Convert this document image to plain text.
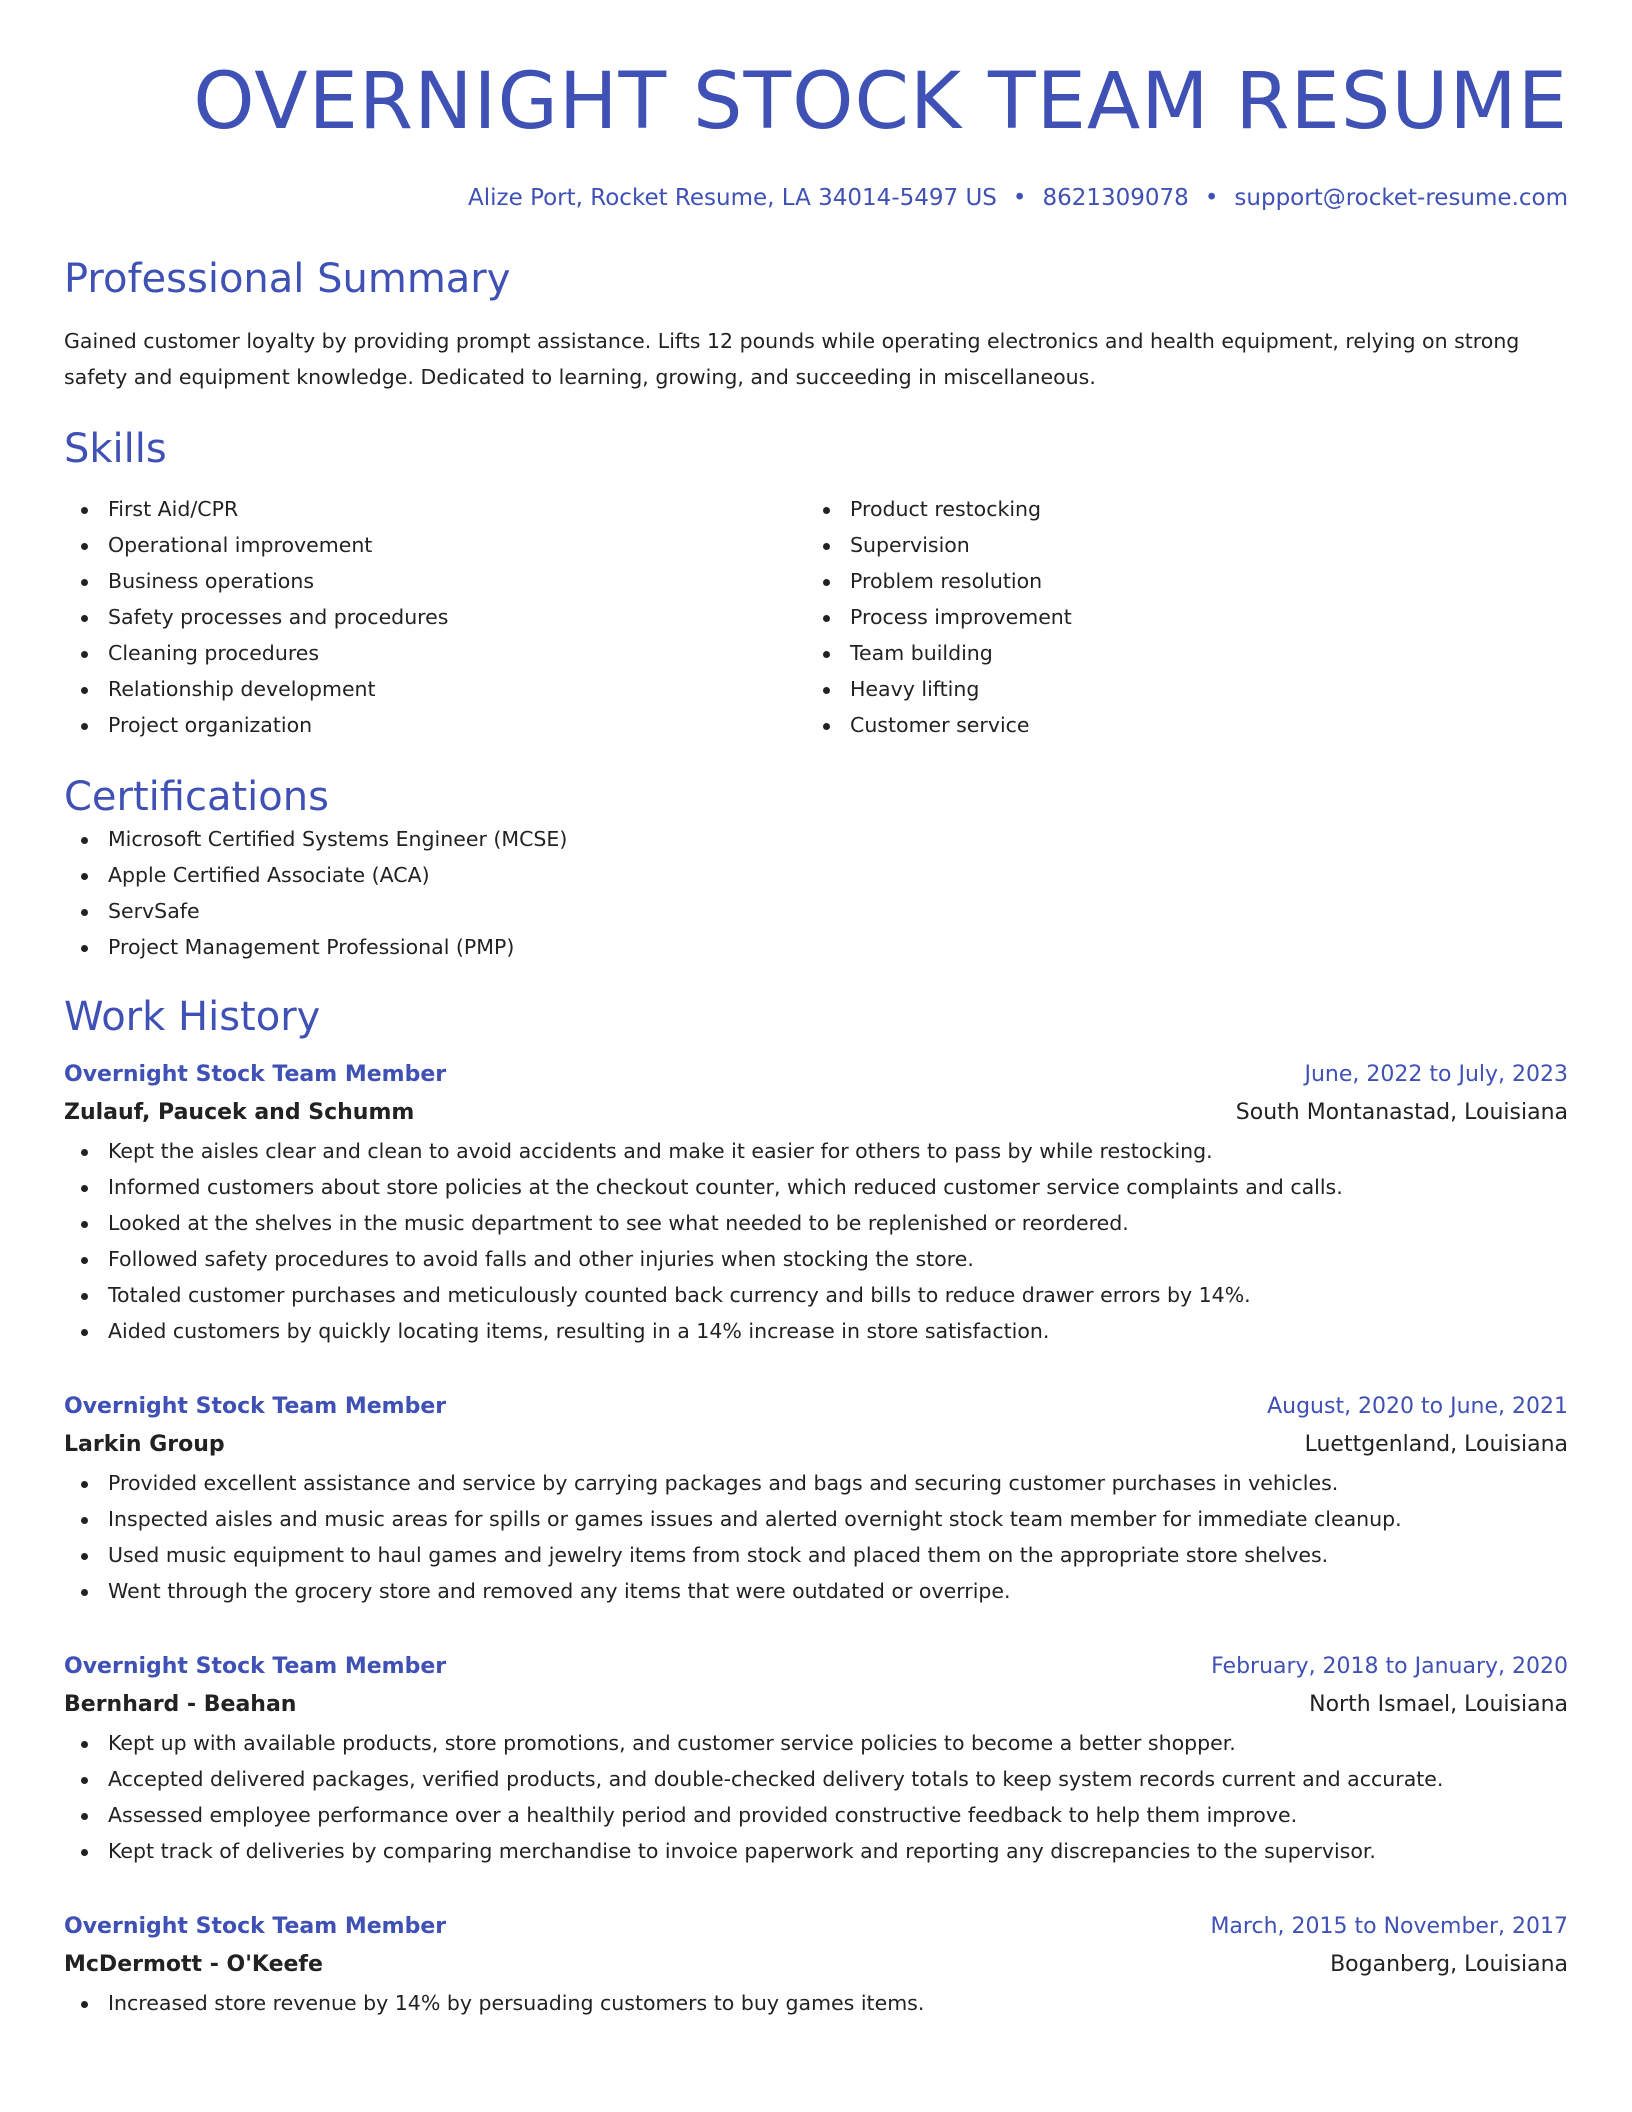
OVERNIGHT STOCK TEAM RESUME
Alize Port, Rocket Resume, LA 34014-5497 US • 8621309078 • support@rocket-resume.com
Professional Summary
Gained customer loyalty by providing prompt assistance. Lifts 12 pounds while operating electronics and health equipment, relying on strong safety and equipment knowledge. Dedicated to learning, growing, and succeeding in miscellaneous.
Skills
First Aid/CPR
Operational improvement
Business operations
Safety processes and procedures
Cleaning procedures
Relationship development
Project organization
Product restocking
Supervision
Problem resolution
Process improvement
Team building
Heavy lifting
Customer service
Certifications
Microsoft Certified Systems Engineer (MCSE)
Apple Certified Associate (ACA)
ServSafe
Project Management Professional (PMP)
Work History
Overnight Stock Team Member	June, 2022 to July, 2023
Zulauf, Paucek and Schumm	South Montanastad, Louisiana
Kept the aisles clear and clean to avoid accidents and make it easier for others to pass by while restocking.
Informed customers about store policies at the checkout counter, which reduced customer service complaints and calls.
Looked at the shelves in the music department to see what needed to be replenished or reordered.
Followed safety procedures to avoid falls and other injuries when stocking the store.
Totaled customer purchases and meticulously counted back currency and bills to reduce drawer errors by 14%.
Aided customers by quickly locating items, resulting in a 14% increase in store satisfaction.
Overnight Stock Team Member	August, 2020 to June, 2021
Larkin Group	Luettgenland, Louisiana
Provided excellent assistance and service by carrying packages and bags and securing customer purchases in vehicles.
Inspected aisles and music areas for spills or games issues and alerted overnight stock team member for immediate cleanup.
Used music equipment to haul games and jewelry items from stock and placed them on the appropriate store shelves.
Went through the grocery store and removed any items that were outdated or overripe.
Overnight Stock Team Member	February, 2018 to January, 2020
Bernhard - Beahan	North Ismael, Louisiana
Kept up with available products, store promotions, and customer service policies to become a better shopper.
Accepted delivered packages, verified products, and double-checked delivery totals to keep system records current and accurate.
Assessed employee performance over a healthily period and provided constructive feedback to help them improve.
Kept track of deliveries by comparing merchandise to invoice paperwork and reporting any discrepancies to the supervisor.
Overnight Stock Team Member	March, 2015 to November, 2017
McDermott - O'Keefe	Boganberg, Louisiana
Increased store revenue by 14% by persuading customers to buy games items.
